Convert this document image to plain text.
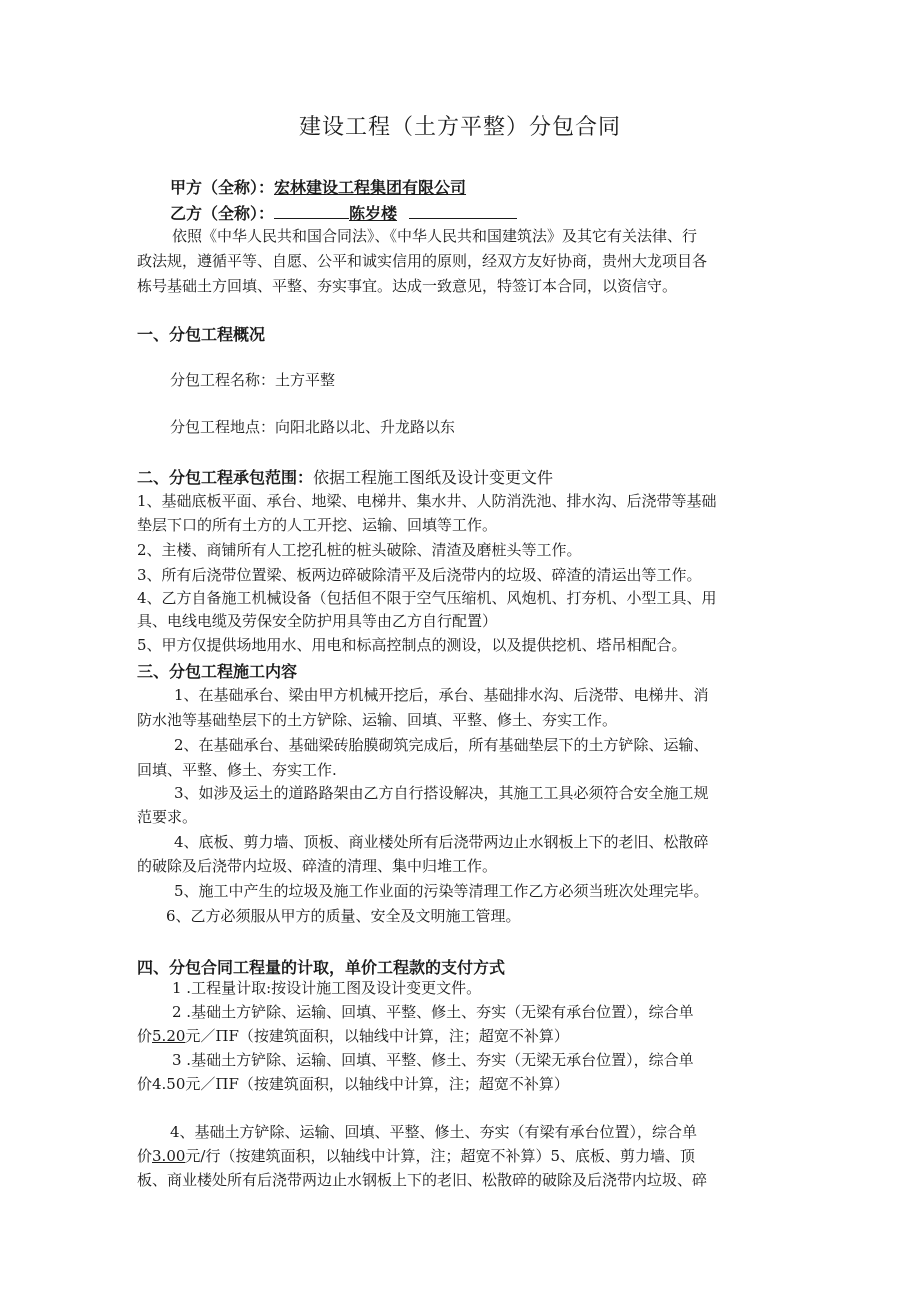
建设工程（土方平整）分包合同
甲方（全称）：宏林建设工程集团有限公司
乙方（全称）：	陈岁楼
依照《中华人民共和国合同法》、《中华人民共和国建筑法》及其它有关法律、行
政法规，遵循平等、自愿、公平和诚实信用的原则，经双方友好协商，贵州大龙项目各
栋号基础土方回填、平整、夯实事宜。达成一致意见，特签订本合同，以资信守。
一、分包工程概况
分包工程名称：土方平整
分包工程地点：向阳北路以北、升龙路以东
二、分包工程承包范围：依据工程施工图纸及设计变更文件
1、基础底板平面、承台、地梁、电梯井、集水井、人防消洗池、排水沟、后浇带等基础
垫层下口的所有土方的人工开挖、运输、回填等工作。
2、主楼、商铺所有人工挖孔桩的桩头破除、清渣及磨桩头等工作。
3、所有后浇带位置梁、板两边碎破除清平及后浇带内的垃圾、碎渣的清运出等工作。
4、乙方自备施工机械设备（包括但不限于空气压缩机、风炮机、打夯机、小型工具、用
具、电线电缆及劳保安全防护用具等由乙方自行配置）
5、甲方仅提供场地用水、用电和标高控制点的测设，以及提供挖机、塔吊相配合。
三、分包工程施工内容
1、在基础承台、梁由甲方机械开挖后，承台、基础排水沟、后浇带、电梯井、消
防水池等基础垫层下的土方铲除、运输、回填、平整、修土、夯实工作。
2、在基础承台、基础梁砖胎膜砌筑完成后，所有基础垫层下的土方铲除、运输、
回填、平整、修土、夯实工作.
3、如涉及运土的道路路架由乙方自行搭设解决，其施工工具必须符合安全施工规
范要求。
4、底板、剪力墙、顶板、商业楼处所有后浇带两边止水钢板上下的老旧、松散碎
的破除及后浇带内垃圾、碎渣的清理、集中归堆工作。
5、施工中产生的垃圾及施工作业面的污染等清理工作乙方必须当班次处理完毕。
6、乙方必须服从甲方的质量、安全及文明施工管理。
四、分包合同工程量的计取，单价工程款的支付方式
1 .工程量计取:按设计施工图及设计变更文件。
2 .基础土方铲除、运输、回填、平整、修土、夯实（无梁有承台位置），综合单
价5.20元／ΠF（按建筑面积，以轴线中计算，注；超宽不补算）
3 .基础土方铲除、运输、回填、平整、修土、夯实（无梁无承台位置），综合单
价4.50元／ΠF（按建筑面积，以轴线中计算，注；超宽不补算）
4、基础土方铲除、运输、回填、平整、修土、夯实（有梁有承台位置），综合单
价3.00元/行（按建筑面积，以轴线中计算，注；超宽不补算）5、底板、剪力墙、顶
板、商业楼处所有后浇带两边止水钢板上下的老旧、松散碎的破除及后浇带内垃圾、碎
